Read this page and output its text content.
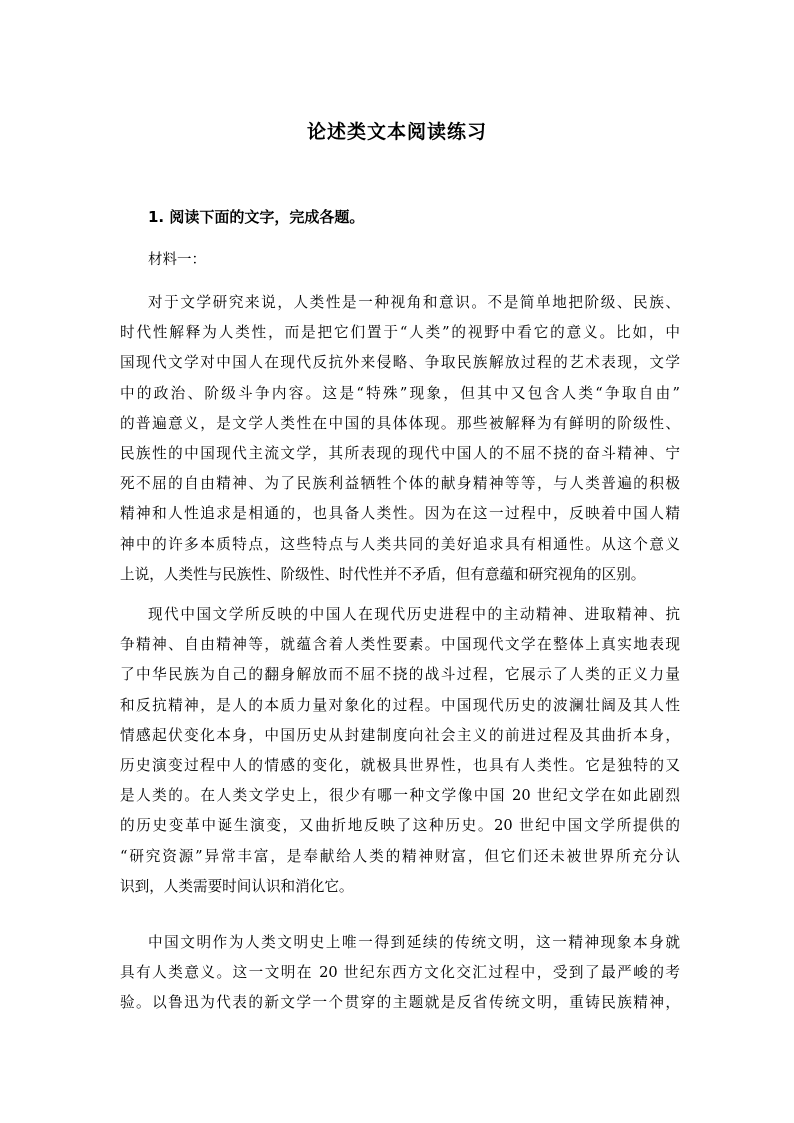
论述类文本阅读练习
1. 阅读下面的文字，完成各题。
材料一：
对于文学研究来说，人类性是一种视角和意识。不是简单地把阶级、民族、
时代性解释为人类性，而是把它们置于“人类”的视野中看它的意义。比如，中
国现代文学对中国人在现代反抗外来侵略、争取民族解放过程的艺术表现，文学
中的政治、阶级斗争内容。这是“特殊”现象，但其中又包含人类“争取自由”
的普遍意义，是文学人类性在中国的具体体现。那些被解释为有鲜明的阶级性、
民族性的中国现代主流文学，其所表现的现代中国人的不屈不挠的奋斗精神、宁
死不屈的自由精神、为了民族利益牺牲个体的献身精神等等，与人类普遍的积极
精神和人性追求是相通的，也具备人类性。因为在这一过程中，反映着中国人精
神中的许多本质特点，这些特点与人类共同的美好追求具有相通性。从这个意义
上说，人类性与民族性、阶级性、时代性并不矛盾，但有意蕴和研究视角的区别。
现代中国文学所反映的中国人在现代历史进程中的主动精神、进取精神、抗
争精神、自由精神等，就蕴含着人类性要素。中国现代文学在整体上真实地表现
了中华民族为自己的翻身解放而不屈不挠的战斗过程，它展示了人类的正义力量
和反抗精神，是人的本质力量对象化的过程。中国现代历史的波澜壮阔及其人性
情感起伏变化本身，中国历史从封建制度向社会主义的前进过程及其曲折本身，
历史演变过程中人的情感的变化，就极具世界性，也具有人类性。它是独特的又
是人类的。在人类文学史上，很少有哪一种文学像中国 20 世纪文学在如此剧烈
的历史变革中诞生演变，又曲折地反映了这种历史。20 世纪中国文学所提供的
“研究资源”异常丰富，是奉献给人类的精神财富，但它们还未被世界所充分认
识到，人类需要时间认识和消化它。
中国文明作为人类文明史上唯一得到延续的传统文明，这一精神现象本身就
具有人类意义。这一文明在 20 世纪东西方文化交汇过程中，受到了最严峻的考
验。以鲁迅为代表的新文学一个贯穿的主题就是反省传统文明，重铸民族精神，
